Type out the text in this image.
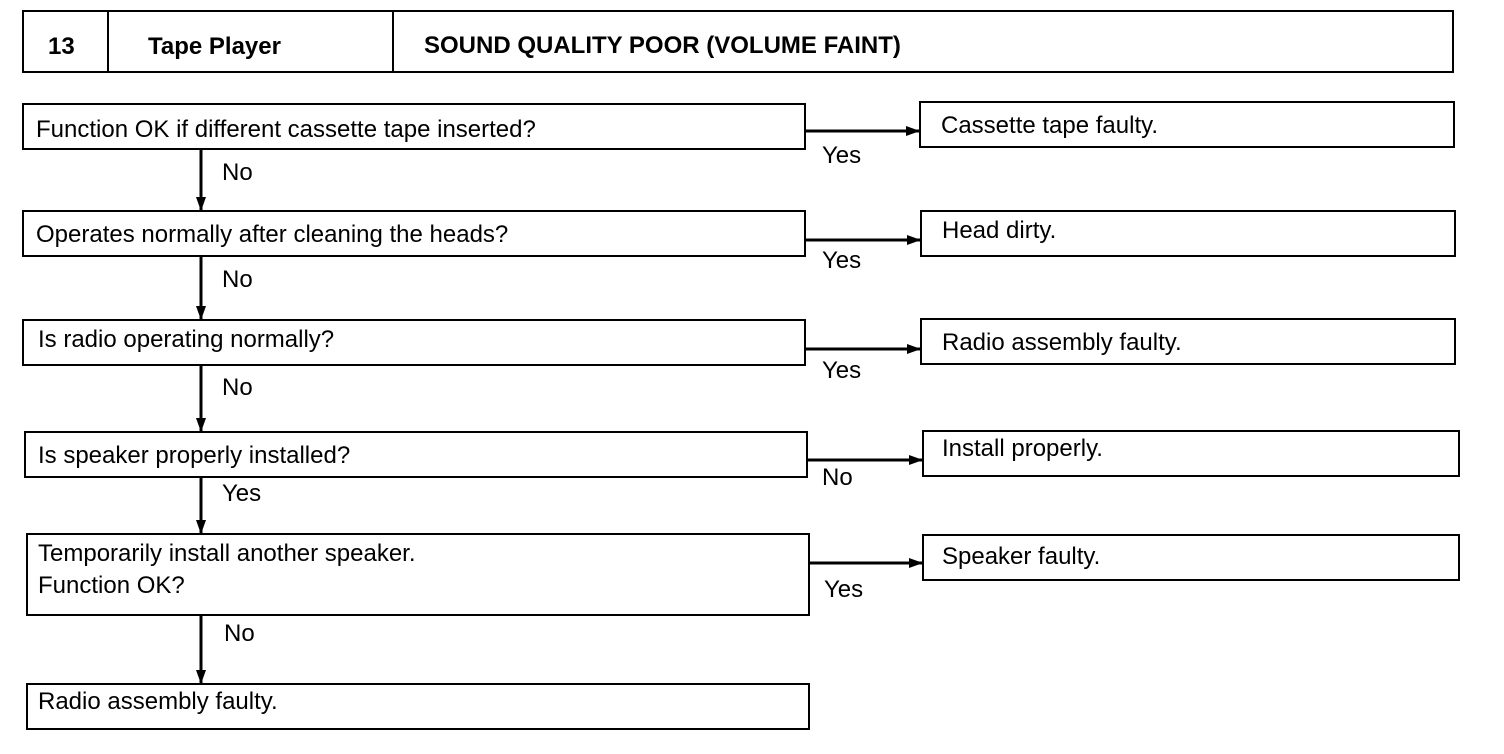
13	Tape Player	SOUND QUALITY POOR (VOLUME FAINT)
Function OK if different cassette tape inserted?
Operates normally after cleaning the heads?
Is radio operating normally?
Is speaker properly installed?
Temporarily install another speaker.
Function OK?
Radio assembly faulty.
Cassette tape faulty.
Head dirty.
Radio assembly faulty.
Install properly.
Speaker faulty.
Yes
Yes
Yes
No
Yes
No
No
No
Yes
No
